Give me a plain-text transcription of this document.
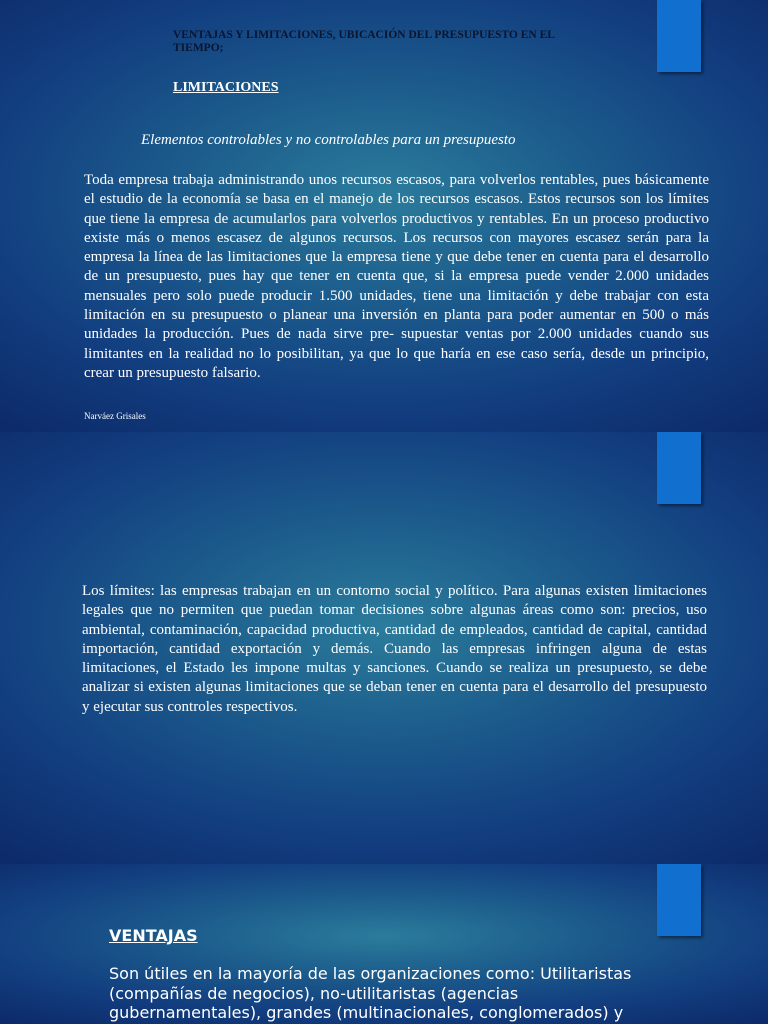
VENTAJAS Y LIMITACIONES, UBICACIÓN DEL PRESUPUESTO EN EL TIEMPO;

LIMITACIONES

Elementos controlables y no controlables para un presupuesto

Toda empresa trabaja administrando unos recursos escasos, para volverlos rentables, pues básicamente el estudio de la economía se basa en el manejo de los recursos escasos. Estos recursos son los límites que tiene la empresa de acumularlos para volverlos productivos y rentables. En un proceso productivo existe más o menos escasez de algunos recursos. Los recursos con mayores escasez serán para la empresa la línea de las limitaciones que la empresa tiene y que debe tener en cuenta para el desarrollo de un presupuesto, pues hay que tener en cuenta que, si la empresa puede vender 2.000 unidades mensuales pero solo puede producir 1.500 unidades, tiene una limitación y debe trabajar con esta limitación en su presupuesto o planear una inversión en planta para poder aumentar en 500 o más unidades la producción. Pues de nada sirve pre- supuestar ventas por 2.000 unidades cuando sus limitantes en la realidad no lo posibilitan, ya que lo que haría en ese caso sería, desde un principio, crear un presupuesto falsario.

Narváez Grisales

Los límites: las empresas trabajan en un contorno social y político. Para algunas existen limitaciones legales que no permiten que puedan tomar decisiones sobre algunas áreas como son: precios, uso ambiental, contaminación, capacidad productiva, cantidad de empleados, cantidad de capital, cantidad importación, cantidad exportación y demás. Cuando las empresas infringen alguna de estas limitaciones, el Estado les impone multas y sanciones. Cuando se realiza un presupuesto, se debe analizar si existen algunas limitaciones que se deban tener en cuenta para el desarrollo del presupuesto y ejecutar sus controles respectivos.

VENTAJAS

Son útiles en la mayoría de las organizaciones como: Utilitaristas (compañías de negocios), no-utilitaristas (agencias gubernamentales), grandes (multinacionales, conglomerados) y
